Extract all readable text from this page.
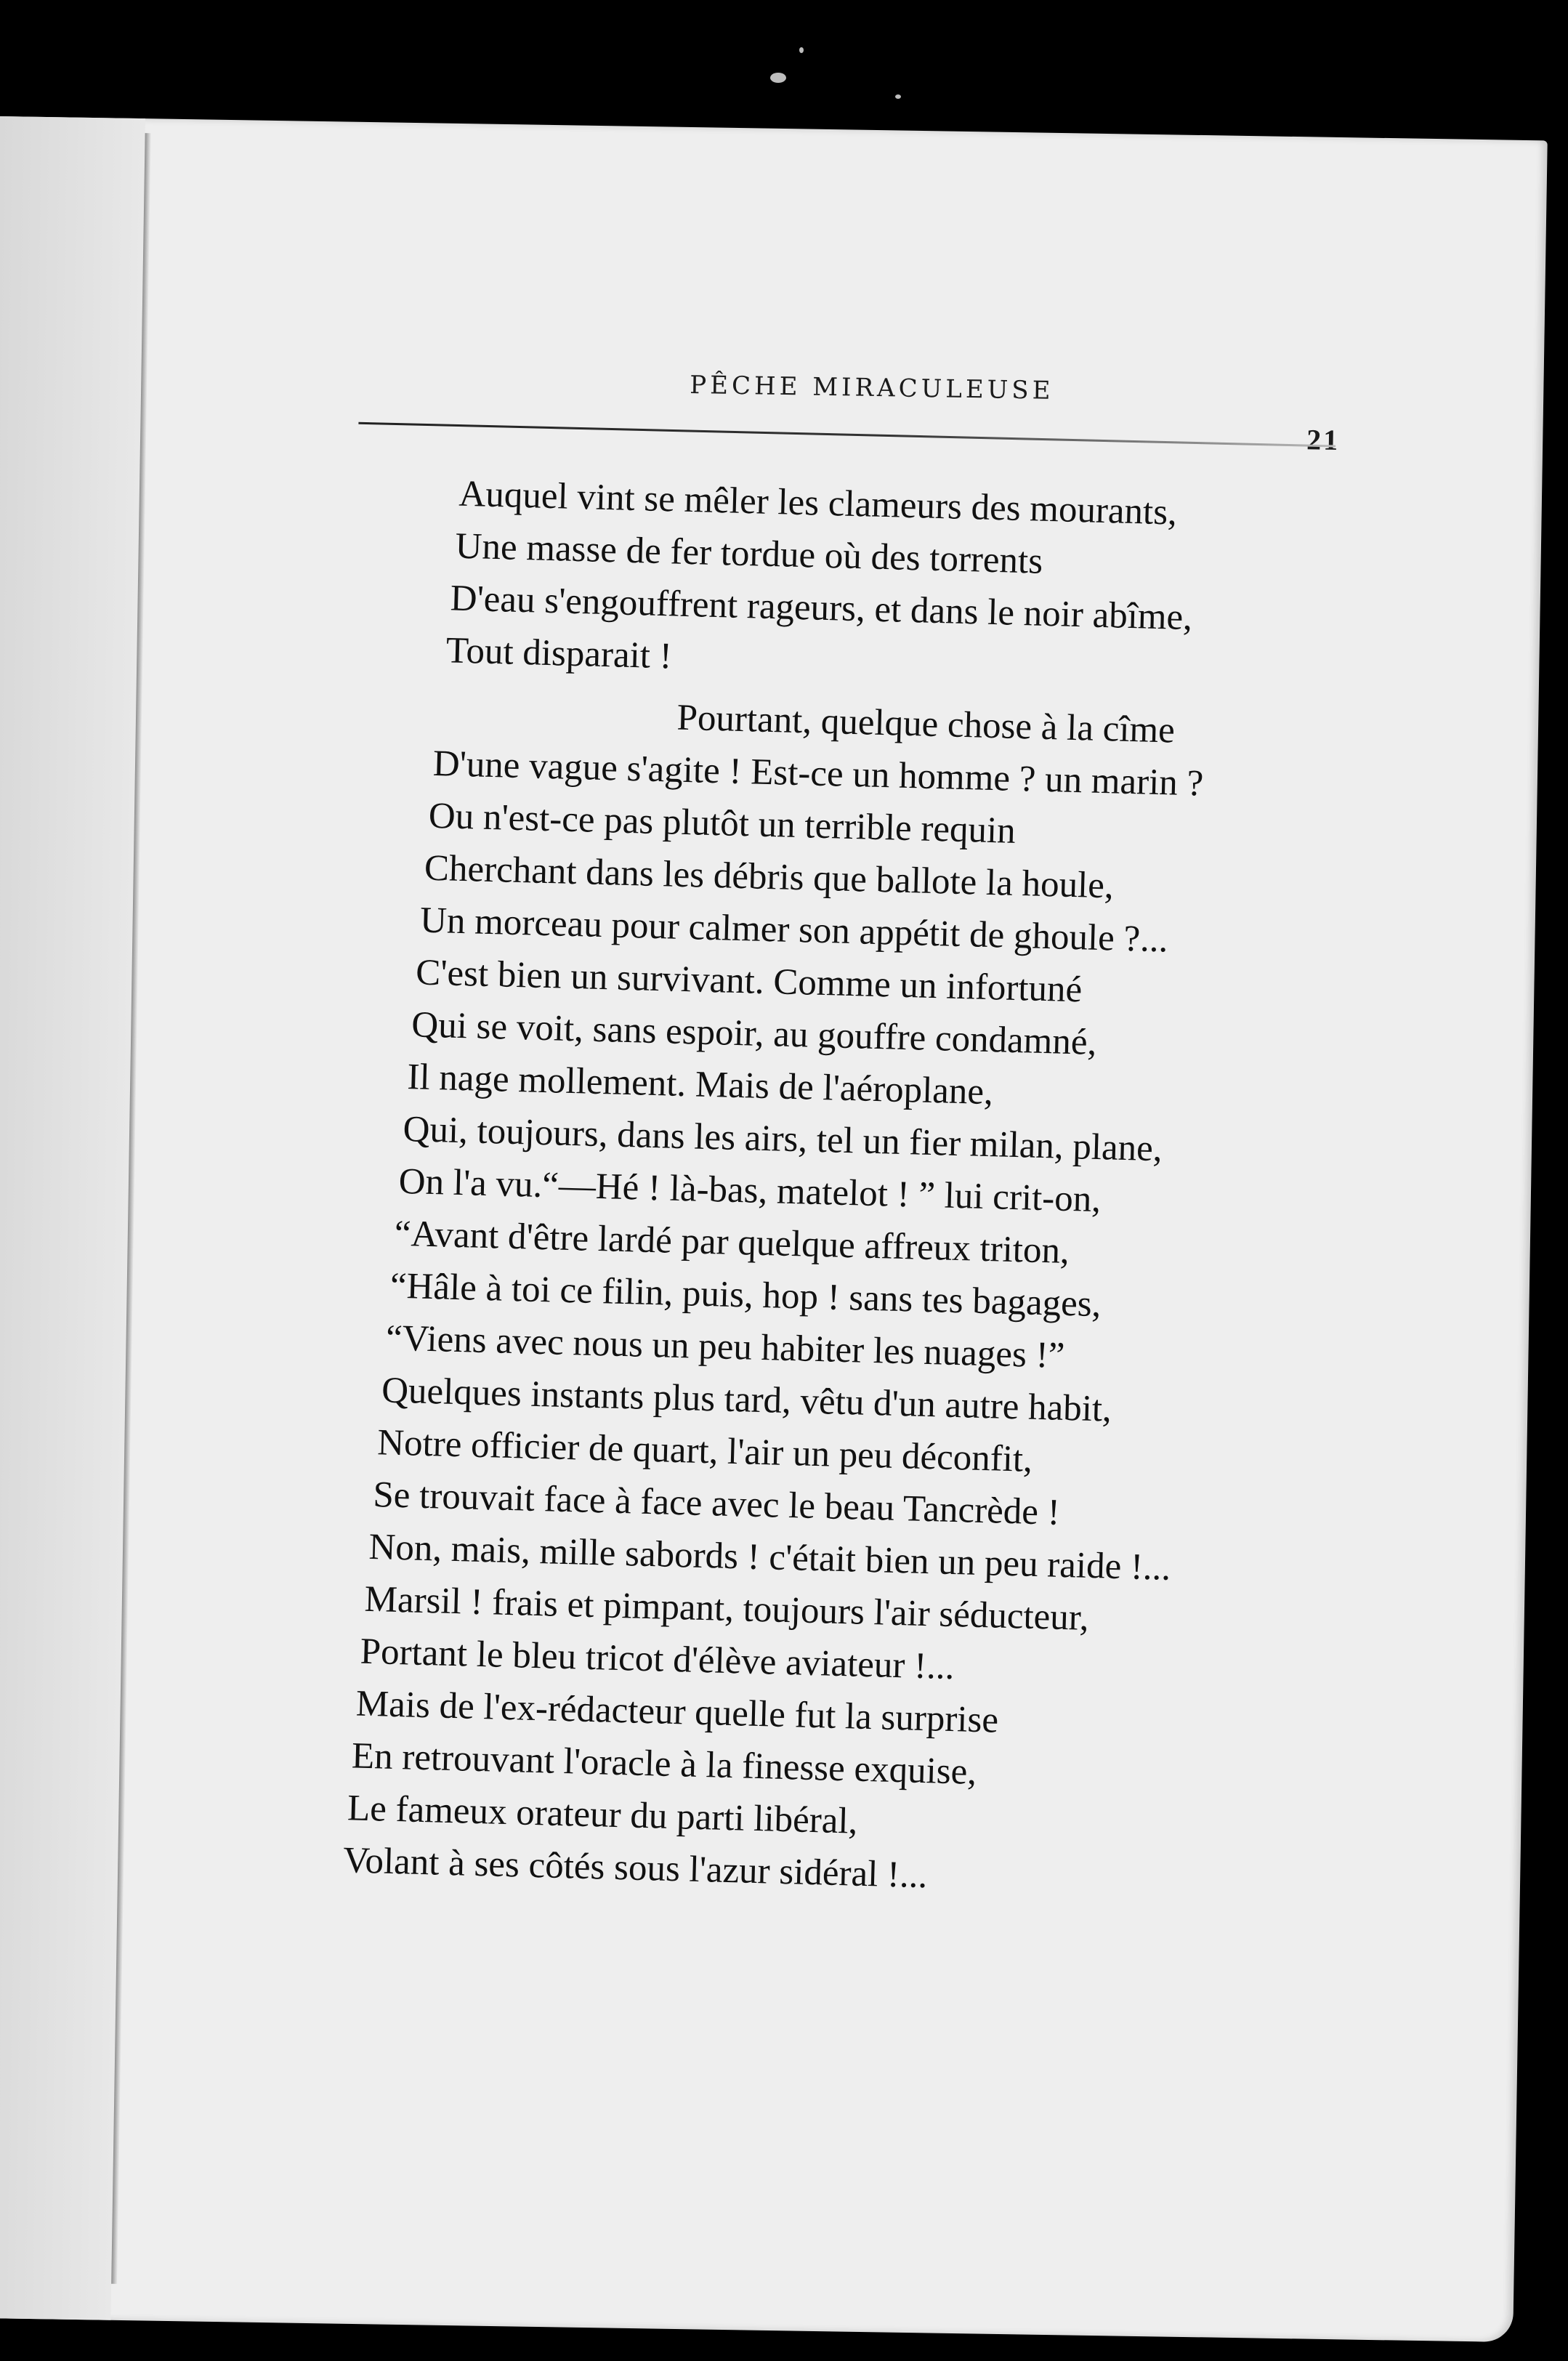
PÊCHE MIRACULEUSE
21
Auquel vint se mêler les clameurs des mourants,
Une masse de fer tordue où des torrents
D'eau s'engouffrent rageurs, et dans le noir abîme,
Tout disparait !
Pourtant, quelque chose à la cîme
D'une vague s'agite ! Est-ce un homme ? un marin ?
Ou n'est-ce pas plutôt un terrible requin
Cherchant dans les débris que ballote la houle,
Un morceau pour calmer son appétit de ghoule ?...
C'est bien un survivant. Comme un infortuné
Qui se voit, sans espoir, au gouffre condamné,
Il nage mollement. Mais de l'aéroplane,
Qui, toujours, dans les airs, tel un fier milan, plane,
On l'a vu.“—Hé ! là-bas, matelot ! ” lui crit-on,
“Avant d'être lardé par quelque affreux triton,
“Hâle à toi ce filin, puis, hop ! sans tes bagages,
“Viens avec nous un peu habiter les nuages !”
Quelques instants plus tard, vêtu d'un autre habit,
Notre officier de quart, l'air un peu déconfit,
Se trouvait face à face avec le beau Tancrède !
Non, mais, mille sabords ! c'était bien un peu raide !...
Marsil ! frais et pimpant, toujours l'air séducteur,
Portant le bleu tricot d'élève aviateur !...
Mais de l'ex-rédacteur quelle fut la surprise
En retrouvant l'oracle à la finesse exquise,
Le fameux orateur du parti libéral,
Volant à ses côtés sous l'azur sidéral !...
